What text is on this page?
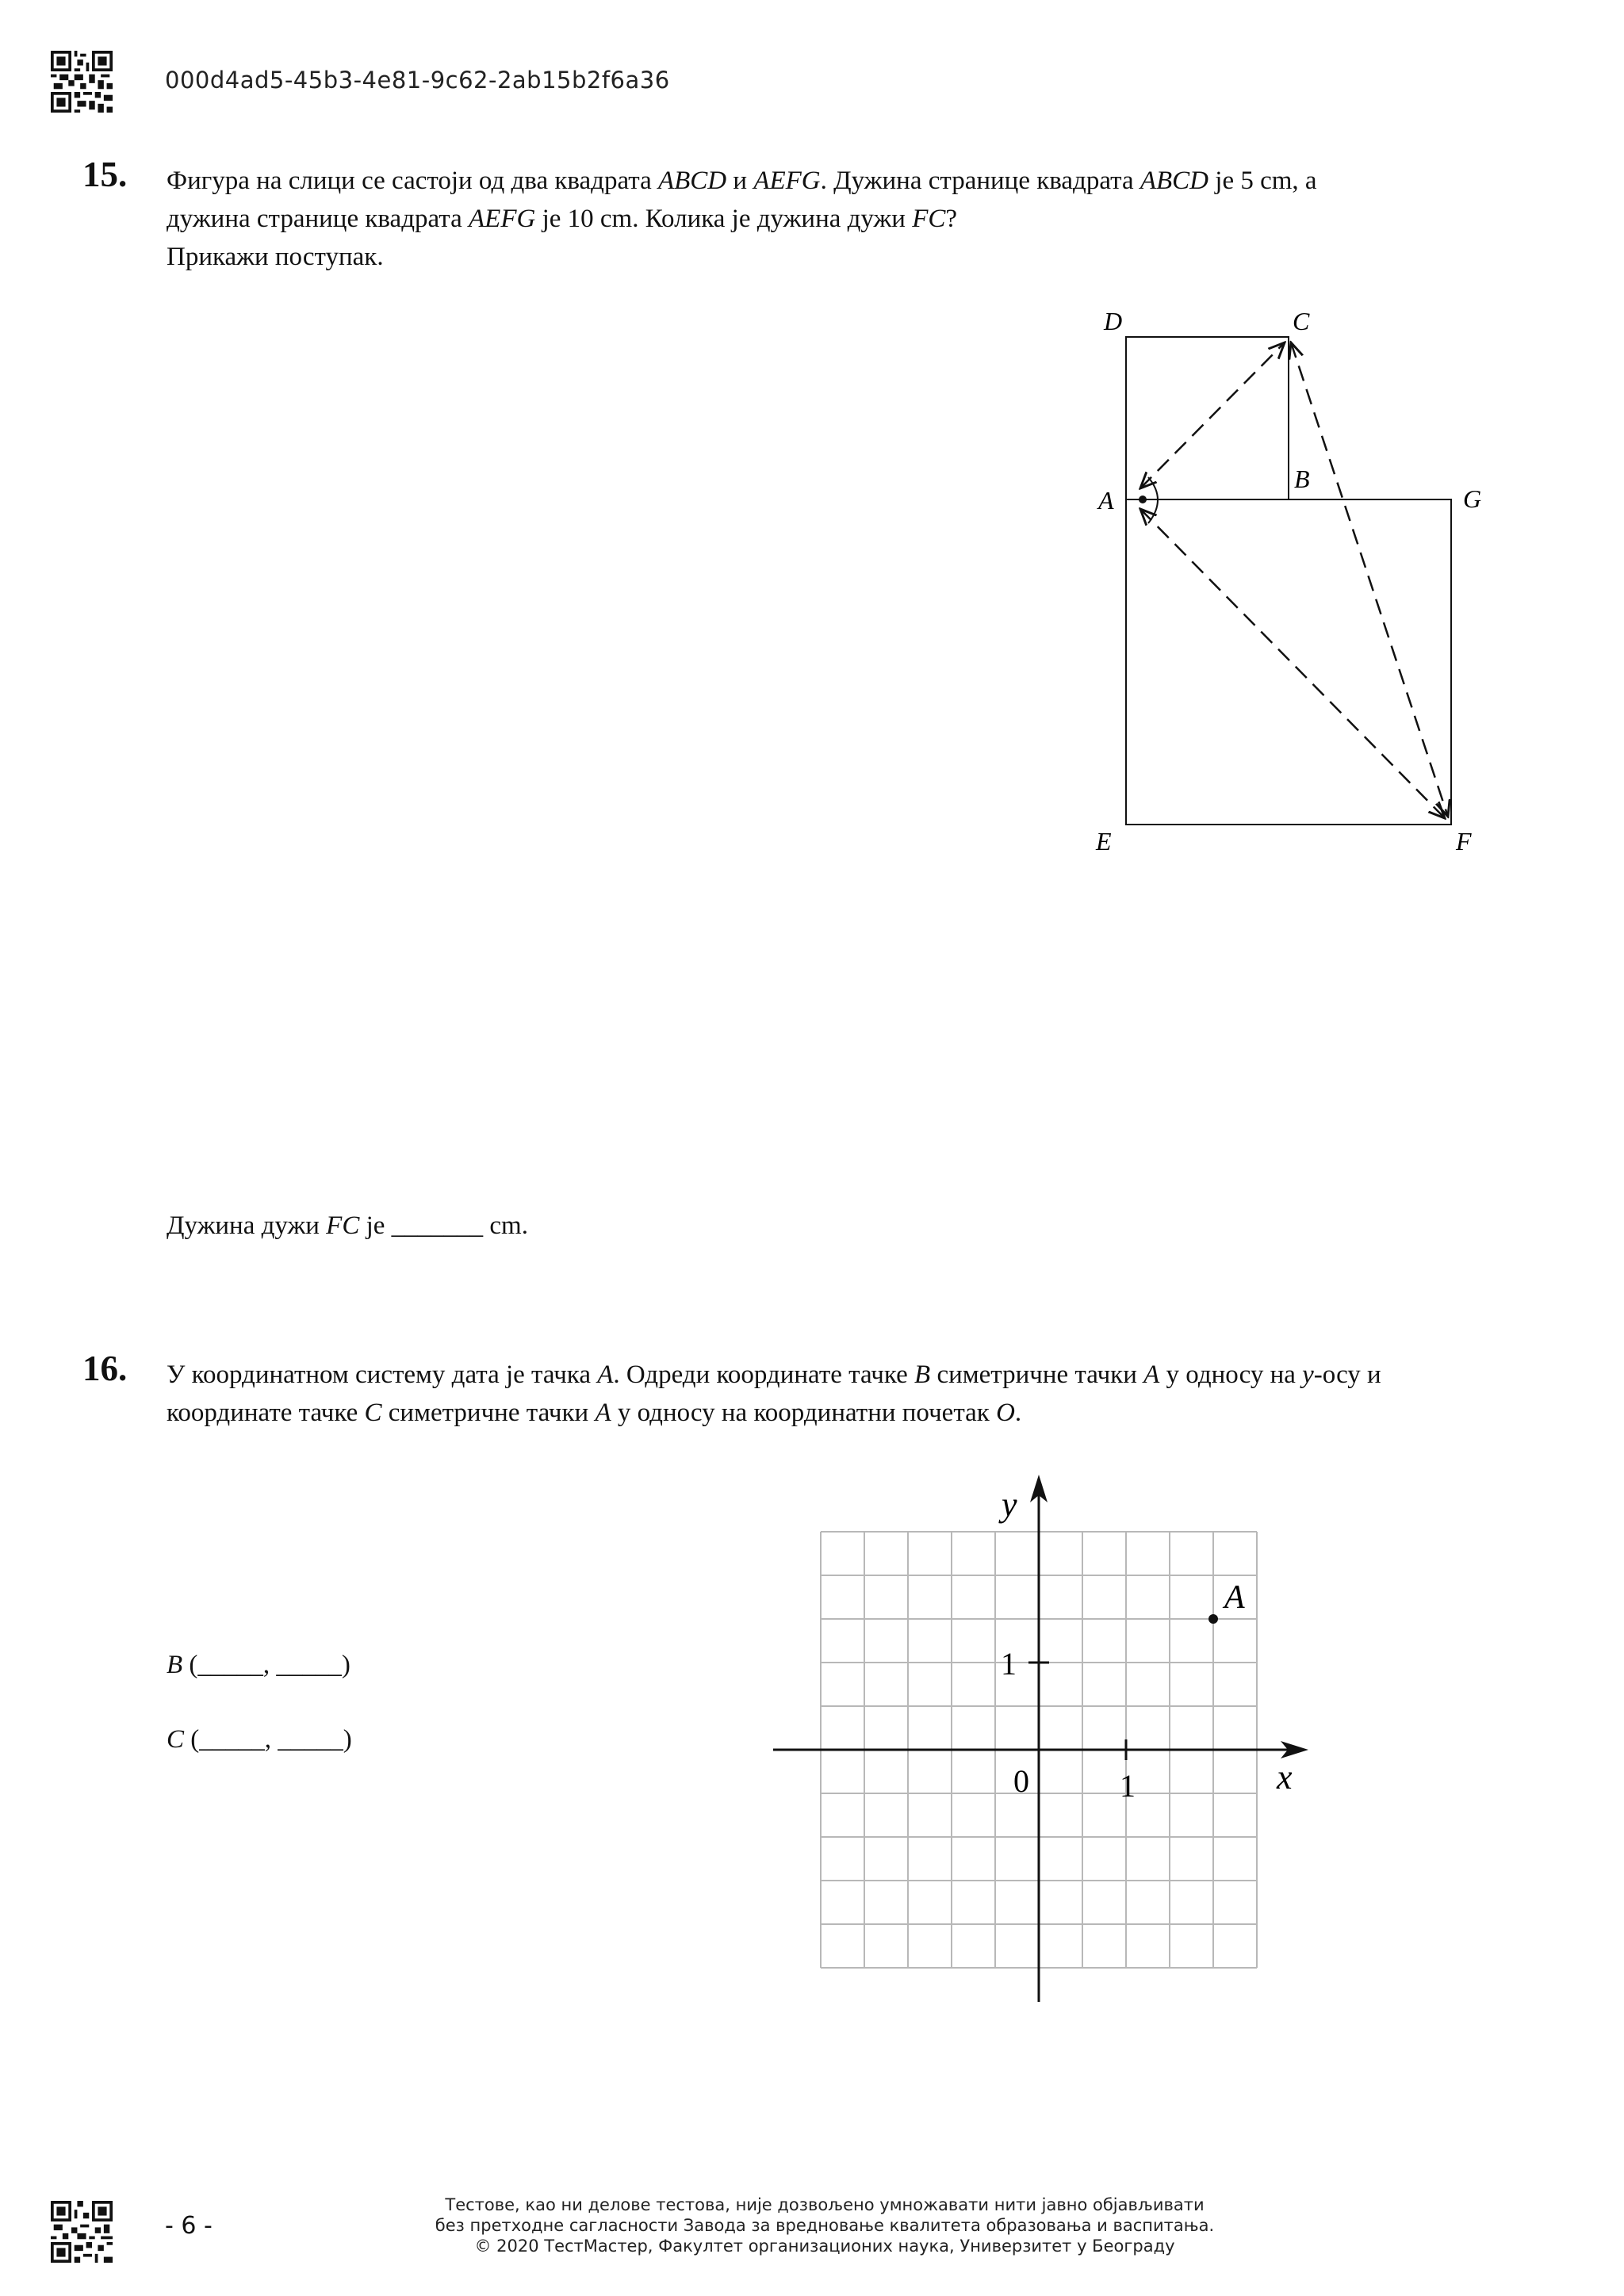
000d4ad5-45b3-4e81-9c62-2ab15b2f6a36
15. Фигура на слици се састоји од два квадрата ABCD и AEFG. Дужина странице квадрата ABCD је 5 cm, а
дужина странице квадрата AEFG је 10 cm. Колика је дужина дужи FC?
Прикажи поступак.
D	C
A
B
G
E	F
Дужина дужи FC је _______ cm.
16. У координатном систему дата је тачка A. Одреди координате тачке B симетричне тачки A у односу на y-осу и
координате тачке C симетричне тачки A у односу на координатни почетак O.
B (_____, _____)
C (_____, _____)
y
x
0	1
1
A
- 6 -
Тестове, као ни делове тестова, није дозвољено умножавати нити јавно објављивати
без претходне сагласности Завода за вредновање квалитета образовања и васпитања.
© 2020 ТестМастер, Факултет организационих наука, Универзитет у Београду
